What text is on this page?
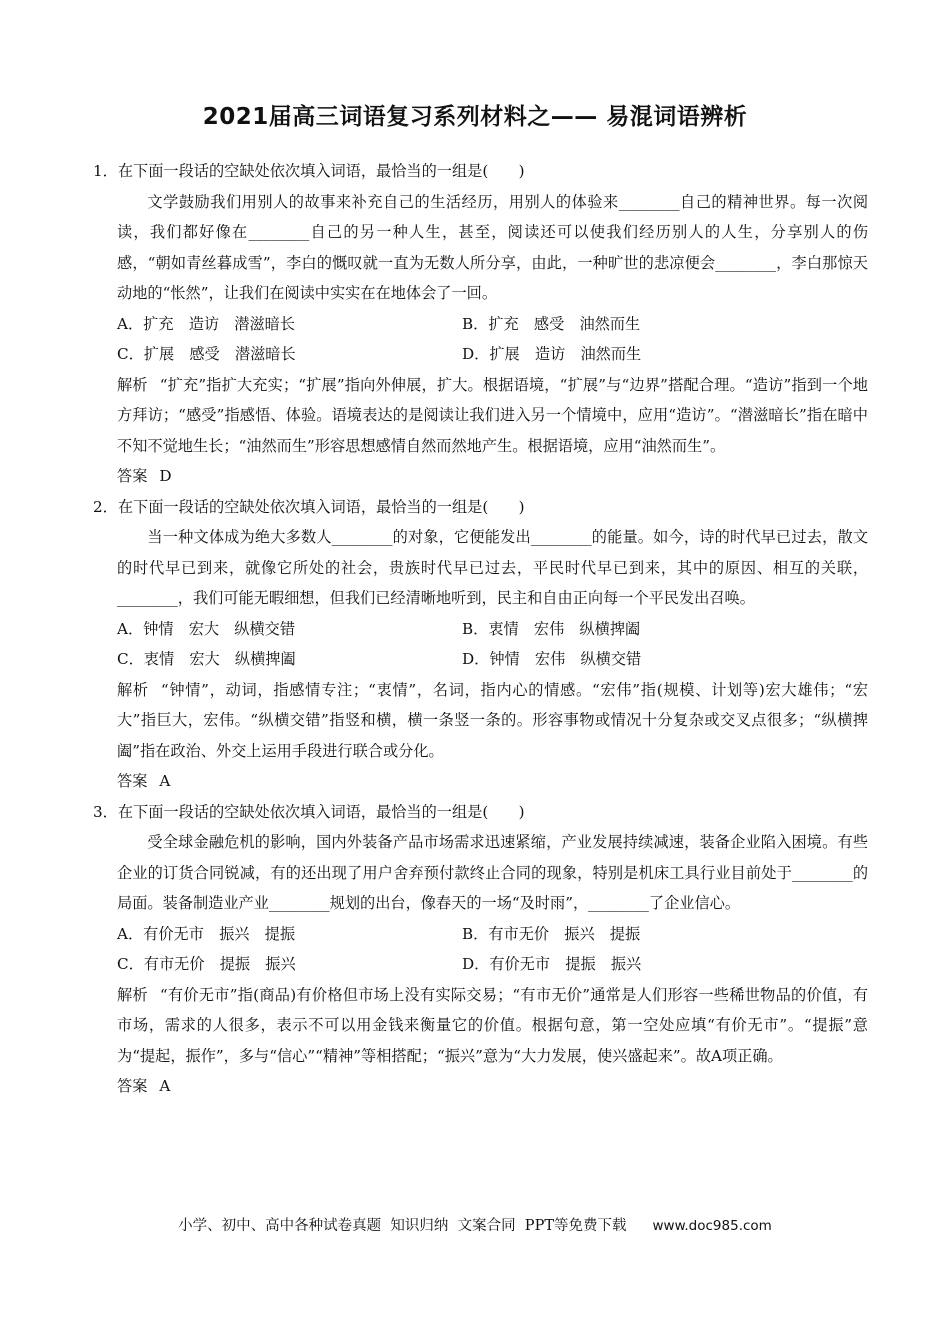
2021届高三词语复习系列材料之—— 易混词语辨析

1．在下面一段话的空缺处依次填入词语，最恰当的一组是(　　)

文学鼓励我们用别人的故事来补充自己的生活经历，用别人的体验来________自己的精神世界。每一次阅读，我们都好像在________自己的另一种人生，甚至，阅读还可以使我们经历别人的人生，分享别人的伤感，“朝如青丝暮成雪”，李白的慨叹就一直为无数人所分享，由此，一种旷世的悲凉便会________，李白那惊天动地的“怅然”，让我们在阅读中实实在在地体会了一回。

A．扩充　造访　潜滋暗长	B．扩充　感受　油然而生
C．扩展　感受　潜滋暗长	D．扩展　造访　油然而生

解析 “扩充”指扩大充实；“扩展”指向外伸展，扩大。根据语境，“扩展”与“边界”搭配合理。“造访”指到一个地方拜访；“感受”指感悟、体验。语境表达的是阅读让我们进入另一个情境中，应用“造访”。“潜滋暗长”指在暗中不知不觉地生长；“油然而生”形容思想感情自然而然地产生。根据语境，应用“油然而生”。

答案 D

2．在下面一段话的空缺处依次填入词语，最恰当的一组是(　　)

当一种文体成为绝大多数人________的对象，它便能发出________的能量。如今，诗的时代早已过去，散文的时代早已到来，就像它所处的社会，贵族时代早已过去，平民时代早已到来，其中的原因、相互的关联，________，我们可能无暇细想，但我们已经清晰地听到，民主和自由正向每一个平民发出召唤。

A．钟情　宏大　纵横交错	B．衷情　宏伟　纵横捭阖
C．衷情　宏大　纵横捭阖	D．钟情　宏伟　纵横交错

解析 “钟情”，动词，指感情专注；“衷情”，名词，指内心的情感。“宏伟”指(规模、计划等)宏大雄伟；“宏大”指巨大，宏伟。“纵横交错”指竖和横，横一条竖一条的。形容事物或情况十分复杂或交叉点很多；“纵横捭阖”指在政治、外交上运用手段进行联合或分化。

答案 A

3．在下面一段话的空缺处依次填入词语，最恰当的一组是(　　)

受全球金融危机的影响，国内外装备产品市场需求迅速紧缩，产业发展持续减速，装备企业陷入困境。有些企业的订货合同锐减，有的还出现了用户舍弃预付款终止合同的现象，特别是机床工具行业目前处于________的局面。装备制造业产业________规划的出台，像春天的一场“及时雨”，________了企业信心。

A．有价无市　振兴　提振	B．有市无价　振兴　提振
C．有市无价　提振　振兴	D．有价无市　提振　振兴

解析 “有价无市”指(商品)有价格但市场上没有实际交易；“有市无价”通常是人们形容一些稀世物品的价值，有市场，需求的人很多，表示不可以用金钱来衡量它的价值。根据句意，第一空处应填“有价无市”。“提振”意为“提起，振作”，多与“信心”“精神”等相搭配；“振兴”意为“大力发展，使兴盛起来”。故A项正确。

答案 A

小学、初中、高中各种试卷真题  知识归纳  文案合同  PPT等免费下载 www.doc985.com
